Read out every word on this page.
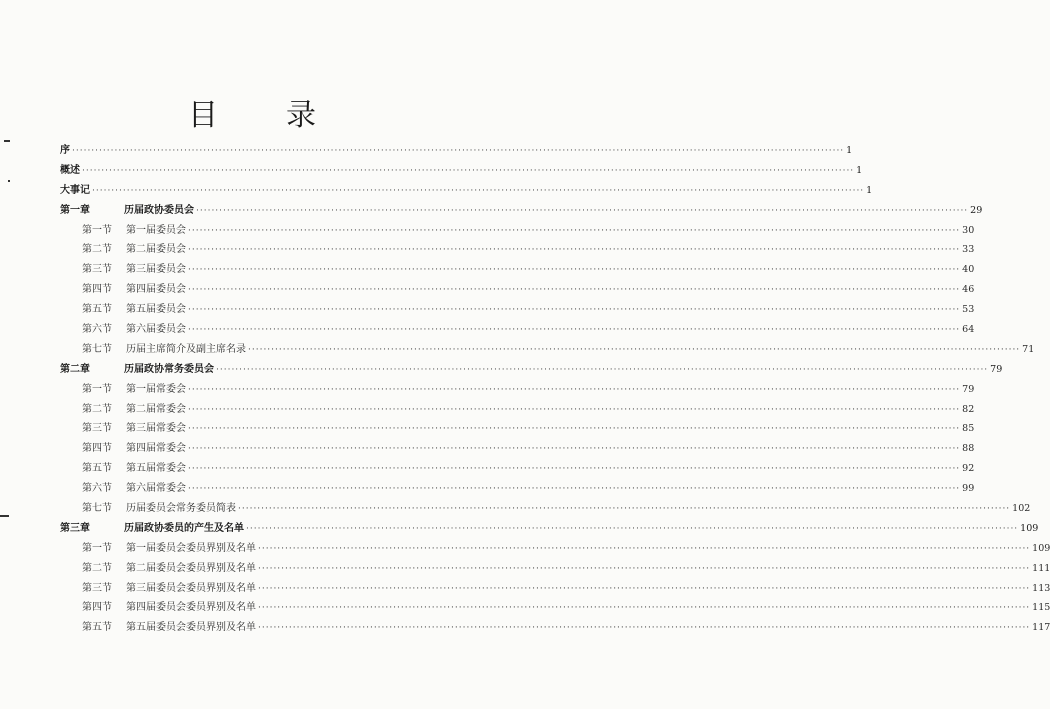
目 录
序 ········································································································································································································ 1
概述 ········································································································································································································ 1
大事记 ········································································································································································································ 1
第一章	历届政协委员会 ········································································································································································································ 29
第一节	第一届委员会 ········································································································································································································ 30
第二节	第二届委员会 ········································································································································································································ 33
第三节	第三届委员会 ········································································································································································································ 40
第四节	第四届委员会 ········································································································································································································ 46
第五节	第五届委员会 ········································································································································································································ 53
第六节	第六届委员会 ········································································································································································································ 64
第七节	历届主席简介及副主席名录 ········································································································································································································ 71
第二章	历届政协常务委员会 ········································································································································································································ 79
第一节	第一届常委会 ········································································································································································································ 79
第二节	第二届常委会 ········································································································································································································ 82
第三节	第三届常委会 ········································································································································································································ 85
第四节	第四届常委会 ········································································································································································································ 88
第五节	第五届常委会 ········································································································································································································ 92
第六节	第六届常委会 ········································································································································································································ 99
第七节	历届委员会常务委员简表 ········································································································································································································ 102
第三章	历届政协委员的产生及名单 ········································································································································································································ 109
第一节	第一届委员会委员界别及名单 ········································································································································································································ 109
第二节	第二届委员会委员界别及名单 ········································································································································································································ 111
第三节	第三届委员会委员界别及名单 ········································································································································································································ 113
第四节	第四届委员会委员界别及名单 ········································································································································································································ 115
第五节	第五届委员会委员界别及名单 ········································································································································································································ 117
